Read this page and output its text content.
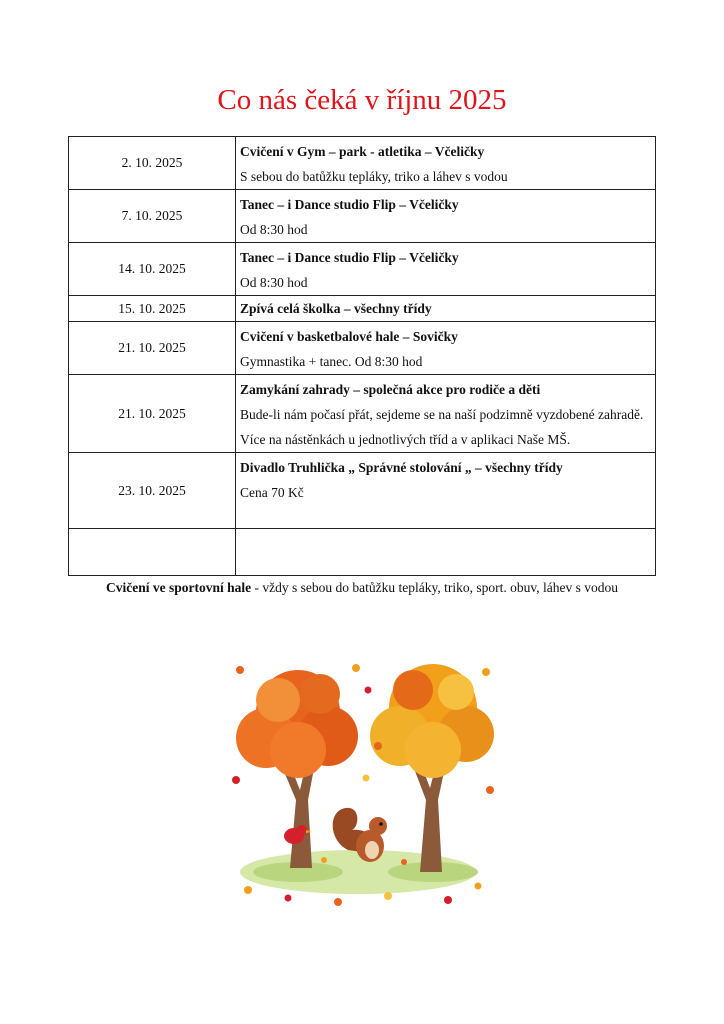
Co nás čeká v říjnu 2025
2. 10. 2025	Cvičení v Gym – park - atletika – Včeličky
S sebou do batůžku tepláky, triko a láhev s vodou

7. 10. 2025	Tanec – i Dance studio Flip – Včeličky
Od 8:30 hod

14. 10. 2025	Tanec – i Dance studio Flip – Včeličky
Od 8:30 hod

15. 10. 2025	Zpívá celá školka – všechny třídy

21. 10. 2025	Cvičení v basketbalové hale – Sovičky
Gymnastika + tanec. Od 8:30 hod

21. 10. 2025	Zamykání zahrady – společná akce pro rodiče a děti
Bude-li nám počasí přát, sejdeme se na naší podzimně vyzdobené zahradě. Více na nástěnkách u jednotlivých tříd a v aplikaci Naše MŠ.

23. 10. 2025	Divadlo Truhlička „ Správné stolování „ – všechny třídy
Cena 70 Kč

Cvičení ve sportovní hale - vždy s sebou do batůžku tepláky, triko, sport. obuv, láhev s vodou
